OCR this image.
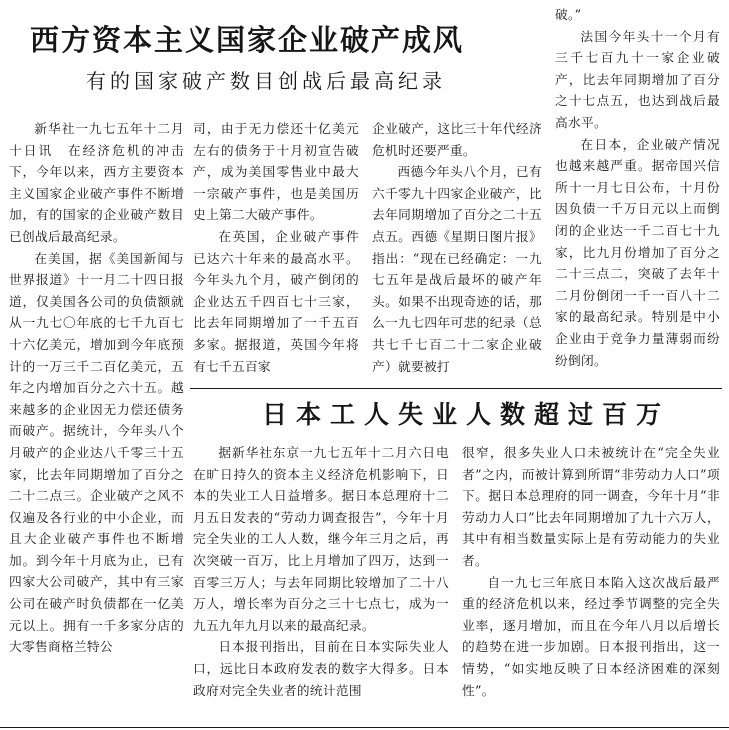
西方资本主义国家企业破产成风
有的国家破产数目创战后最高纪录

新华社一九七五年十二月十日讯　在经济危机的冲击下，今年以来，西方主要资本主义国家企业破产事件不断增加，有的国家的企业破产数目已创战后最高纪录。

在美国，据《美国新闻与世界报道》十一月二十四日报道，仅美国各公司的负债额就从一九七〇年底的七千九百七十六亿美元，增加到今年底预计的一万三千二百亿美元，五年之内增加百分之六十五。越来越多的企业因无力偿还债务而破产。据统计，今年头八个月破产的企业达八千零三十五家，比去年同期增加了百分之二十二点三。企业破产之风不仅遍及各行业的中小企业，而且大企业破产事件也不断增加。到今年十月底为止，已有四家大公司破产，其中有三家公司在破产时负债都在一亿美元以上。拥有一千多家分店的大零售商格兰特公

司，由于无力偿还十亿美元左右的债务于十月初宣告破产，成为美国零售业中最大一宗破产事件，也是美国历史上第二大破产事件。

在英国，企业破产事件已达六十年来的最高水平。今年头九个月，破产倒闭的企业达五千四百七十三家，比去年同期增加了一千五百多家。据报道，英国今年将有七千五百家

企业破产，这比三十年代经济危机时还要严重。

西德今年头八个月，已有六千零九十四家企业破产，比去年同期增加了百分之二十五点五。西德《星期日图片报》指出：“现在已经确定：一九七五年是战后最坏的破产年头。如果不出现奇迹的话，那么一九七四年可悲的纪录（总共七千七百二十二家企业破产）就要被打

破。”

法国今年头十一个月有三千七百九十一家企业破产，比去年同期增加了百分之十七点五，也达到战后最高水平。

在日本，企业破产情况也越来越严重。据帝国兴信所十一月七日公布，十月份因负债一千万日元以上而倒闭的企业达一千二百七十九家，比九月份增加了百分之二十三点二，突破了去年十二月份倒闭一千一百八十二家的最高纪录。特别是中小企业由于竞争力量薄弱而纷纷倒闭。

日本工人失业人数超过百万

据新华社东京一九七五年十二月六日电　在旷日持久的资本主义经济危机影响下，日本的失业工人日益增多。据日本总理府十二月五日发表的“劳动力调查报告”，今年十月完全失业的工人人数，继今年三月之后，再次突破一百万，比上月增加了四万，达到一百零三万人；与去年同期比较增加了二十八万人，增长率为百分之三十七点七，成为一九五九年九月以来的最高纪录。

日本报刊指出，目前在日本实际失业人口，远比日本政府发表的数字大得多。日本政府对完全失业者的统计范围

很窄，很多失业人口未被统计在“完全失业者”之内，而被计算到所谓“非劳动力人口”项下。据日本总理府的同一调查，今年十月“非劳动力人口”比去年同期增加了九十六万人，其中有相当数量实际上是有劳动能力的失业者。

自一九七三年底日本陷入这次战后最严重的经济危机以来，经过季节调整的完全失业率，逐月增加，而且在今年八月以后增长的趋势在进一步加剧。日本报刊指出，这一情势，“如实地反映了日本经济困难的深刻性”。
